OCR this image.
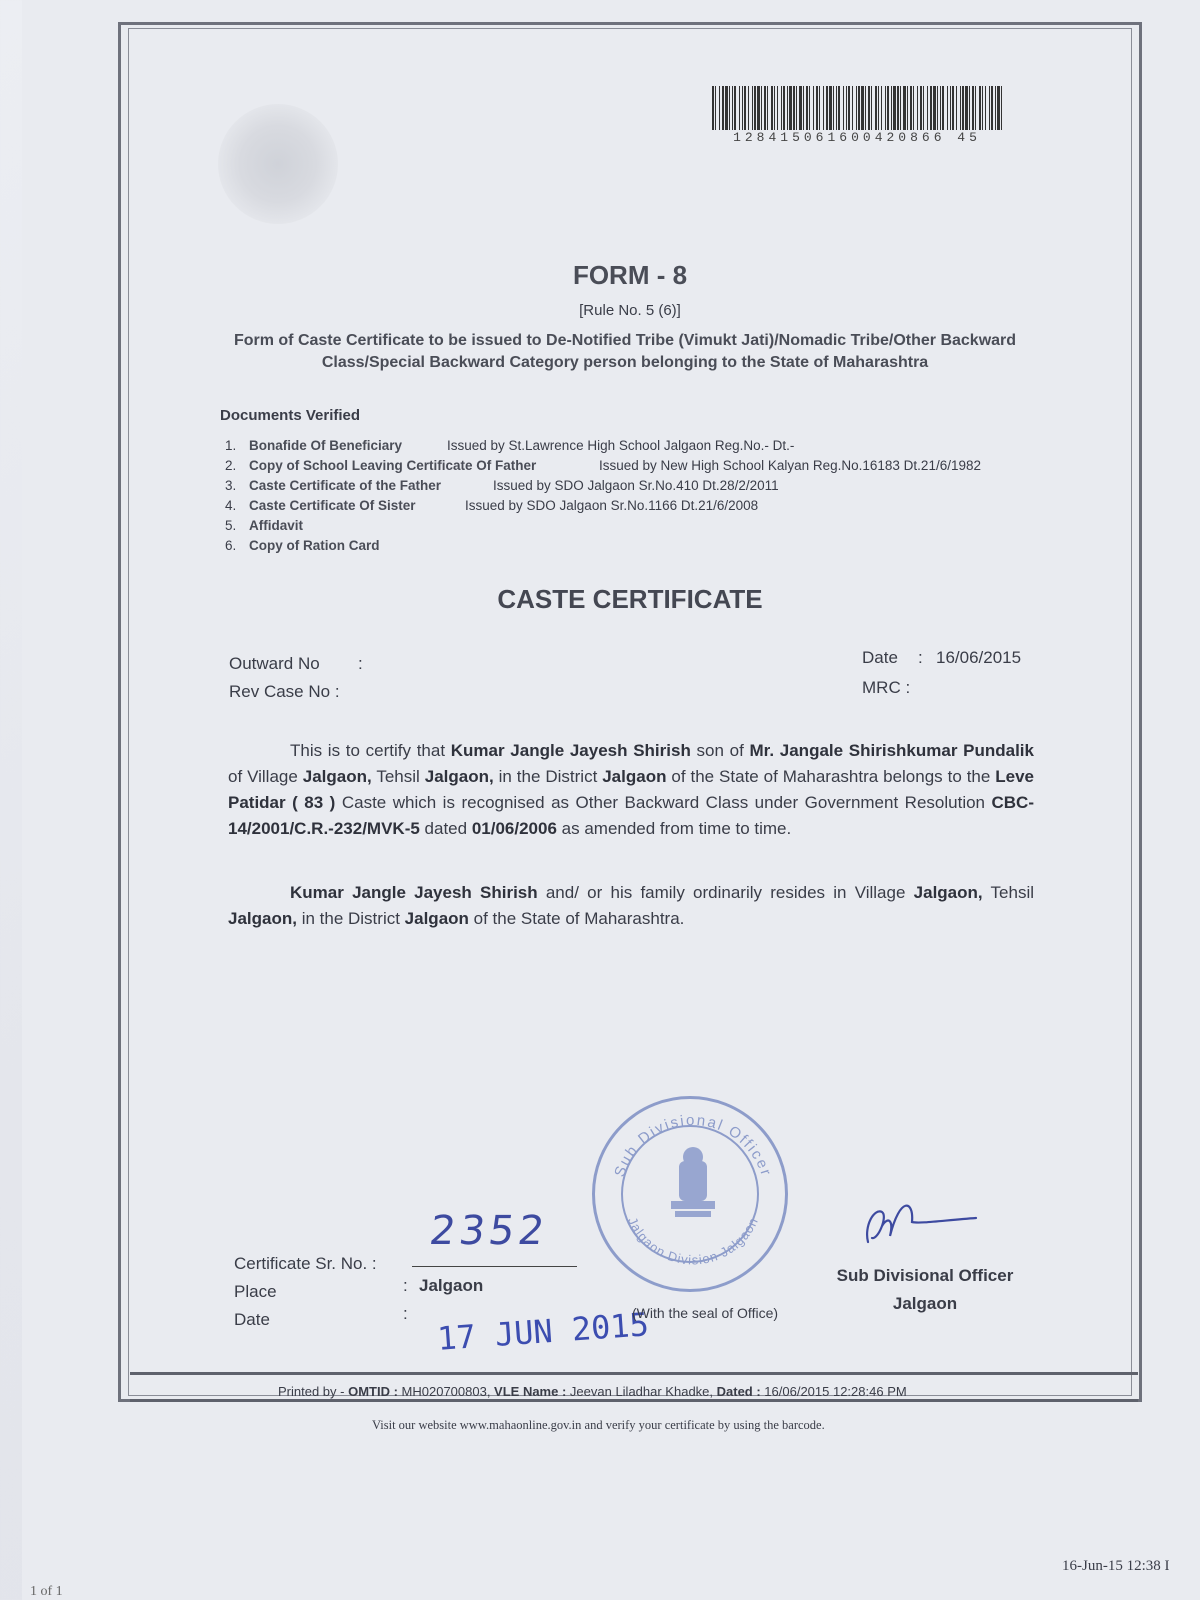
128415061600420866 45
FORM - 8
[Rule No. 5 (6)]
Form of Caste Certificate to be issued to De-Notified Tribe (Vimukt Jati)/Nomadic Tribe/Other Backward Class/Special Backward Category person belonging to the State of Maharashtra
Documents Verified
1. Bonafide Of Beneficiary	Issued by St.Lawrence High School Jalgaon Reg.No.- Dt.-
2. Copy of School Leaving Certificate Of Father	Issued by New High School Kalyan Reg.No.16183 Dt.21/6/1982
3. Caste Certificate of the Father	Issued by SDO Jalgaon Sr.No.410 Dt.28/2/2011
4. Caste Certificate Of Sister	Issued by SDO Jalgaon Sr.No.1166 Dt.21/6/2008
5. Affidavit
6. Copy of Ration Card
CASTE CERTIFICATE
Outward No :
Rev Case No :
Date : 16/06/2015
MRC :
This is to certify that Kumar Jangle Jayesh Shirish son of Mr. Jangale Shirishkumar Pundalik of Village Jalgaon, Tehsil Jalgaon, in the District Jalgaon of the State of Maharashtra belongs to the Leve Patidar ( 83 ) Caste which is recognised as Other Backward Class under Government Resolution CBC-14/2001/C.R.-232/MVK-5 dated 01/06/2006 as amended from time to time.
Kumar Jangle Jayesh Shirish and/ or his family ordinarily resides in Village Jalgaon, Tehsil Jalgaon, in the District Jalgaon of the State of Maharashtra.
Sub Divisional Officer
Jalgaon Division Jalgaon
Certificate Sr. No. :
2352
Place	: Jalgaon
Date	: 17 JUN 2015
(With the seal of Office)
Sub Divisional Officer
Jalgaon
Printed by - OMTID : MH020700803, VLE Name : Jeevan Liladhar Khadke, Dated : 16/06/2015 12:28:46 PM
Visit our website www.mahaonline.gov.in and verify your certificate by using the barcode.
16-Jun-15 12:38 I
1 of 1
